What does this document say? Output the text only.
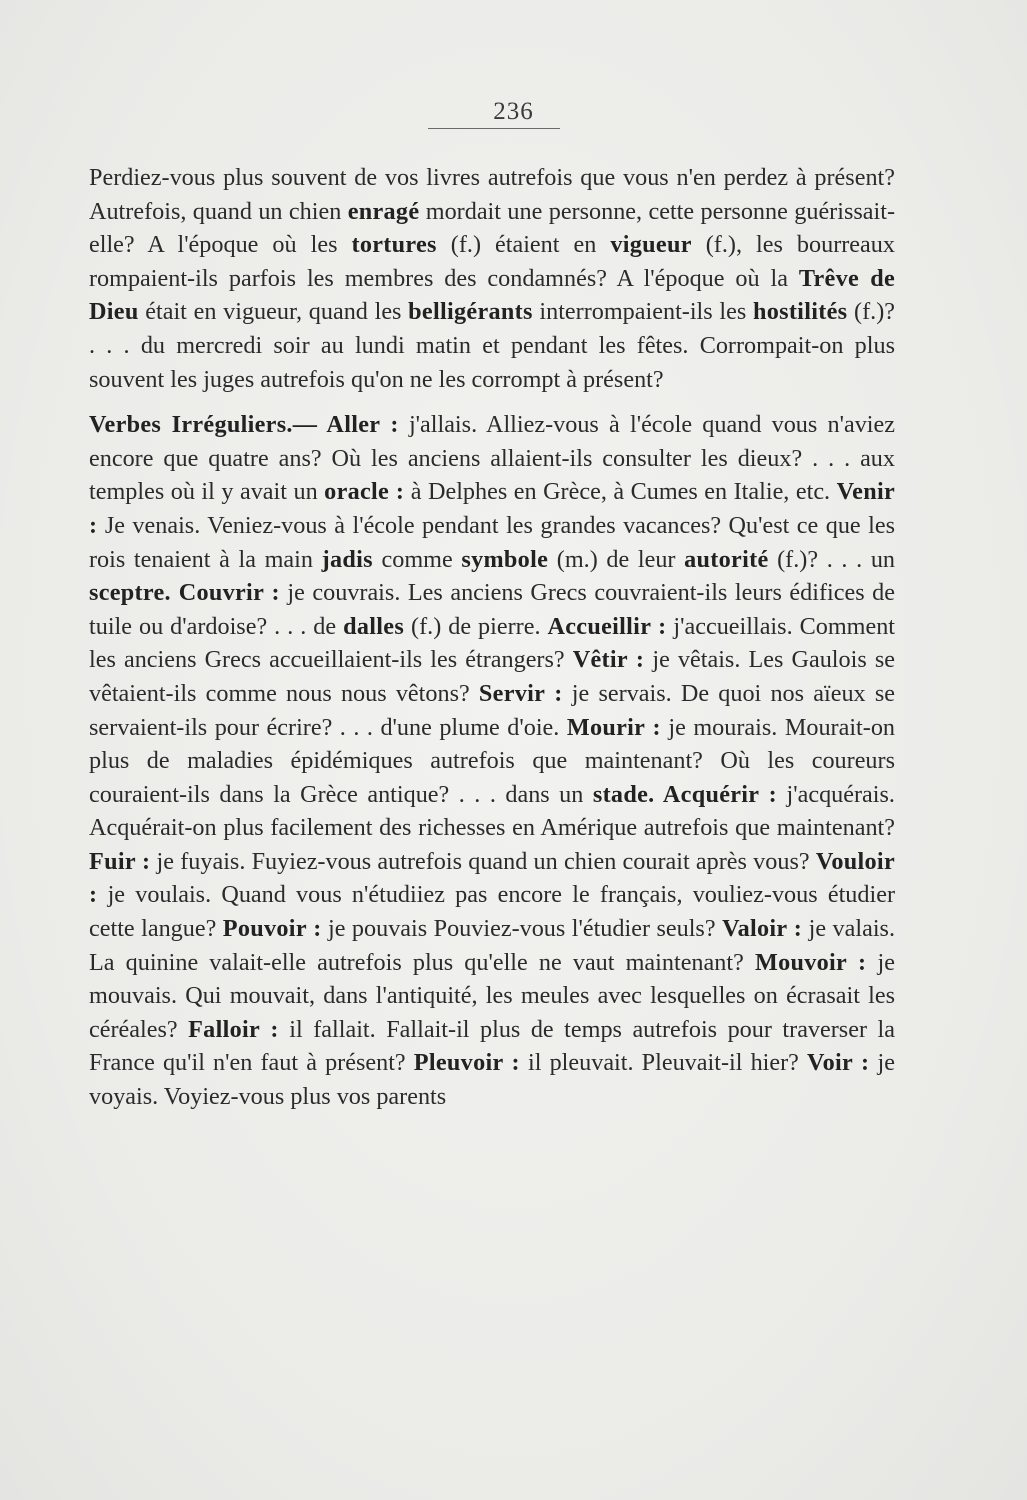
236

Perdiez-vous plus souvent de vos livres autrefois que vous n'en perdez à présent? Autrefois, quand un chien enragé mordait une personne, cette personne guérissait-elle? A l'époque où les tortures (f.) étaient en vigueur (f.), les bourreaux rompaient-ils parfois les membres des condamnés? A l'époque où la Trêve de Dieu était en vigueur, quand les belligérants interrompaient-ils les hostilités (f.)? . . . du mercredi soir au lundi matin et pendant les fêtes. Corrompait-on plus souvent les juges autrefois qu'on ne les corrompt à présent?

Verbes Irréguliers.— Aller : j'allais. Alliez-vous à l'école quand vous n'aviez encore que quatre ans? Où les anciens allaient-ils consulter les dieux? . . . aux temples où il y avait un oracle : à Delphes en Grèce, à Cumes en Italie, etc. Venir : Je venais. Veniez-vous à l'école pendant les grandes vacances? Qu'est ce que les rois tenaient à la main jadis comme symbole (m.) de leur autorité (f.)? . . . un sceptre. Couvrir : je couvrais. Les anciens Grecs couvraient-ils leurs édifices de tuile ou d'ardoise? . . . de dalles (f.) de pierre. Accueillir : j'accueillais. Comment les anciens Grecs accueillaient-ils les étrangers? Vêtir : je vêtais. Les Gaulois se vêtaient-ils comme nous nous vêtons? Servir : je servais. De quoi nos aïeux se servaient-ils pour écrire? . . . d'une plume d'oie. Mourir : je mourais. Mourait-on plus de maladies épidémiques autrefois que maintenant? Où les coureurs couraient-ils dans la Grèce antique? . . . dans un stade. Acquérir : j'acquérais. Acquérait-on plus facilement des richesses en Amérique autrefois que maintenant? Fuir : je fuyais. Fuyiez-vous autrefois quand un chien courait après vous? Vouloir : je voulais. Quand vous n'étudiiez pas encore le français, vouliez-vous étudier cette langue? Pouvoir : je pouvais Pouviez-vous l'étudier seuls? Valoir : je valais. La quinine valait-elle autrefois plus qu'elle ne vaut maintenant? Mouvoir : je mouvais. Qui mouvait, dans l'antiquité, les meules avec lesquelles on écrasait les céréales? Falloir : il fallait. Fallait-il plus de temps autrefois pour traverser la France qu'il n'en faut à présent? Pleuvoir : il pleuvait. Pleuvait-il hier? Voir : je voyais. Voyiez-vous plus vos parents
